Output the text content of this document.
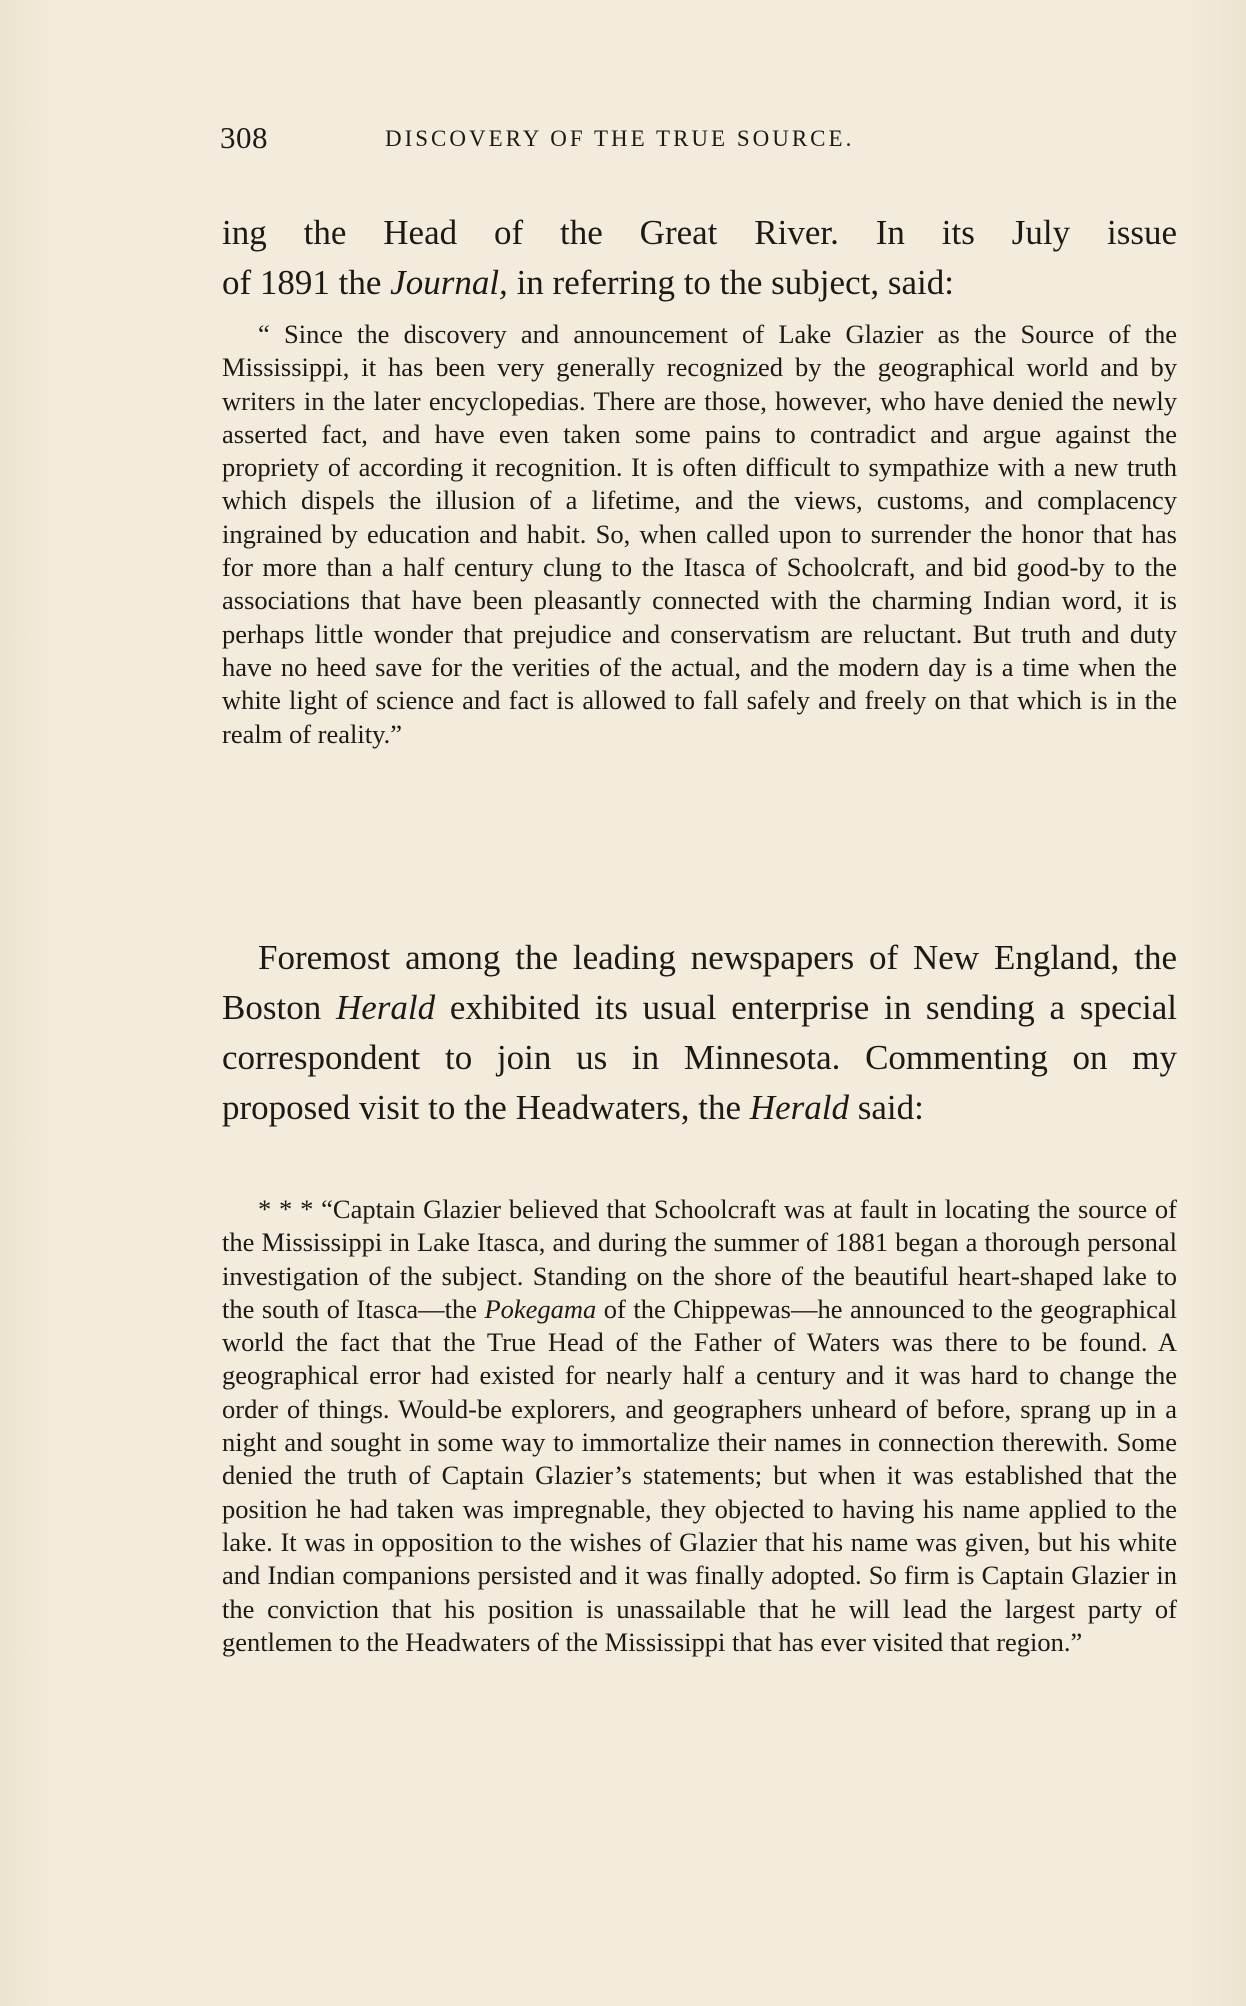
308	DISCOVERY OF THE TRUE SOURCE.

ing the Head of the Great River. In its July issue

of 1891 the Journal, in referring to the subject, said:

“ Since the discovery and announcement of Lake Glazier as the Source of the Mississippi, it has been very generally recognized by the geographical world and by writers in the later encyclopedias. There are those, however, who have denied the newly asserted fact, and have even taken some pains to contradict and argue against the propriety of according it recognition. It is often difficult to sympathize with a new truth which dispels the illusion of a lifetime, and the views, customs, and complacency ingrained by education and habit. So, when called upon to surrender the honor that has for more than a half century clung to the Itasca of Schoolcraft, and bid good-by to the associations that have been pleasantly connected with the charming Indian word, it is perhaps little wonder that prejudice and conservatism are reluctant. But truth and duty have no heed save for the verities of the actual, and the modern day is a time when the white light of science and fact is allowed to fall safely and freely on that which is in the realm of reality.”

Foremost among the leading newspapers of New England, the Boston Herald exhibited its usual enterprise in sending a special correspondent to join us in Minnesota. Commenting on my proposed visit to the Headwaters, the Herald said:

* * * “Captain Glazier believed that Schoolcraft was at fault in locating the source of the Mississippi in Lake Itasca, and during the summer of 1881 began a thorough personal investigation of the subject. Standing on the shore of the beautiful heart-shaped lake to the south of Itasca—the Pokegama of the Chippewas—he announced to the geographical world the fact that the True Head of the Father of Waters was there to be found. A geographical error had existed for nearly half a century and it was hard to change the order of things. Would-be explorers, and geographers unheard of before, sprang up in a night and sought in some way to immortalize their names in connection therewith. Some denied the truth of Captain Glazier’s statements; but when it was established that the position he had taken was impregnable, they objected to having his name applied to the lake. It was in opposition to the wishes of Glazier that his name was given, but his white and Indian companions persisted and it was finally adopted. So firm is Captain Glazier in the conviction that his position is unassailable that he will lead the largest party of gentlemen to the Headwaters of the Mississippi that has ever visited that region.”
